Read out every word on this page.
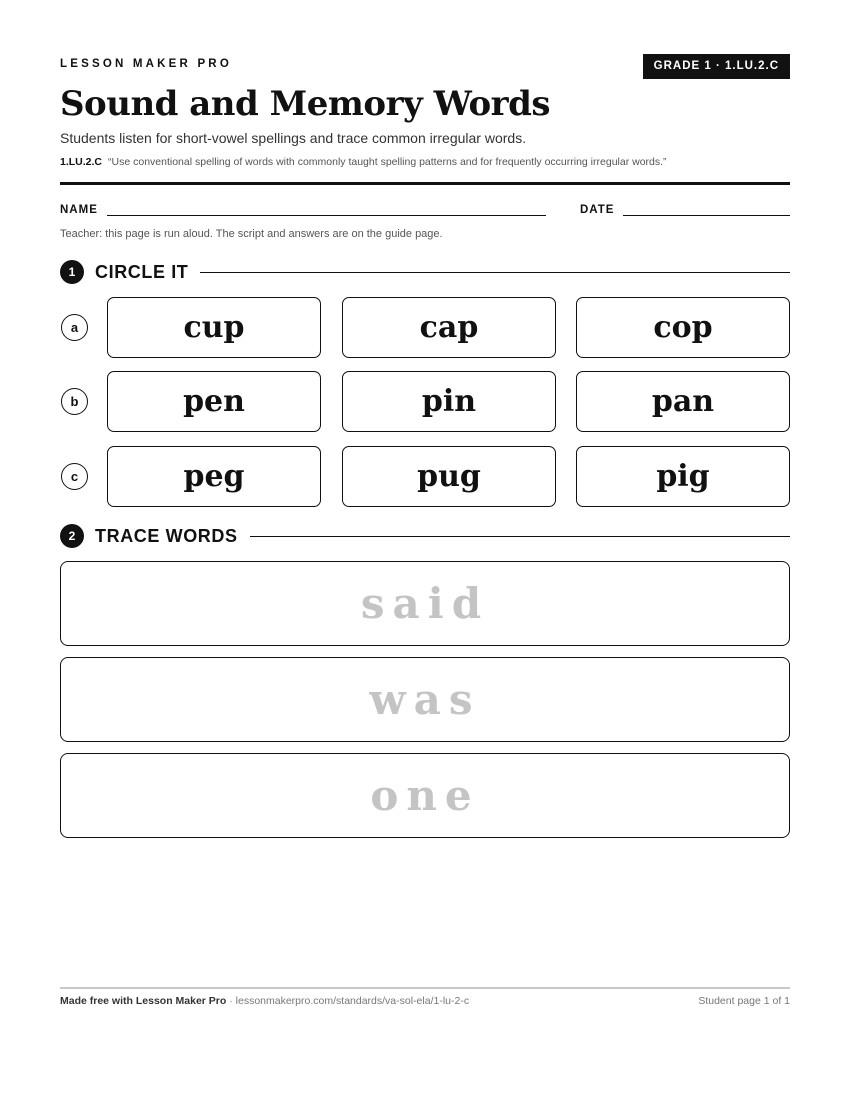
LESSON MAKER PRO	GRADE 1 · 1.LU.2.C
Sound and Memory Words
Students listen for short-vowel spellings and trace common irregular words.
1.LU.2.C “Use conventional spelling of words with commonly taught spelling patterns and for frequently occurring irregular words.”
NAME	DATE
Teacher: this page is run aloud. The script and answers are on the guide page.
1	CIRCLE IT
a	cup	cap	cop
b	pen	pin	pan
c	peg	pug	pig
2	TRACE WORDS
said
was
one
Made free with Lesson Maker Pro · lessonmakerpro.com/standards/va-sol-ela/1-lu-2-c	Student page 1 of 1
